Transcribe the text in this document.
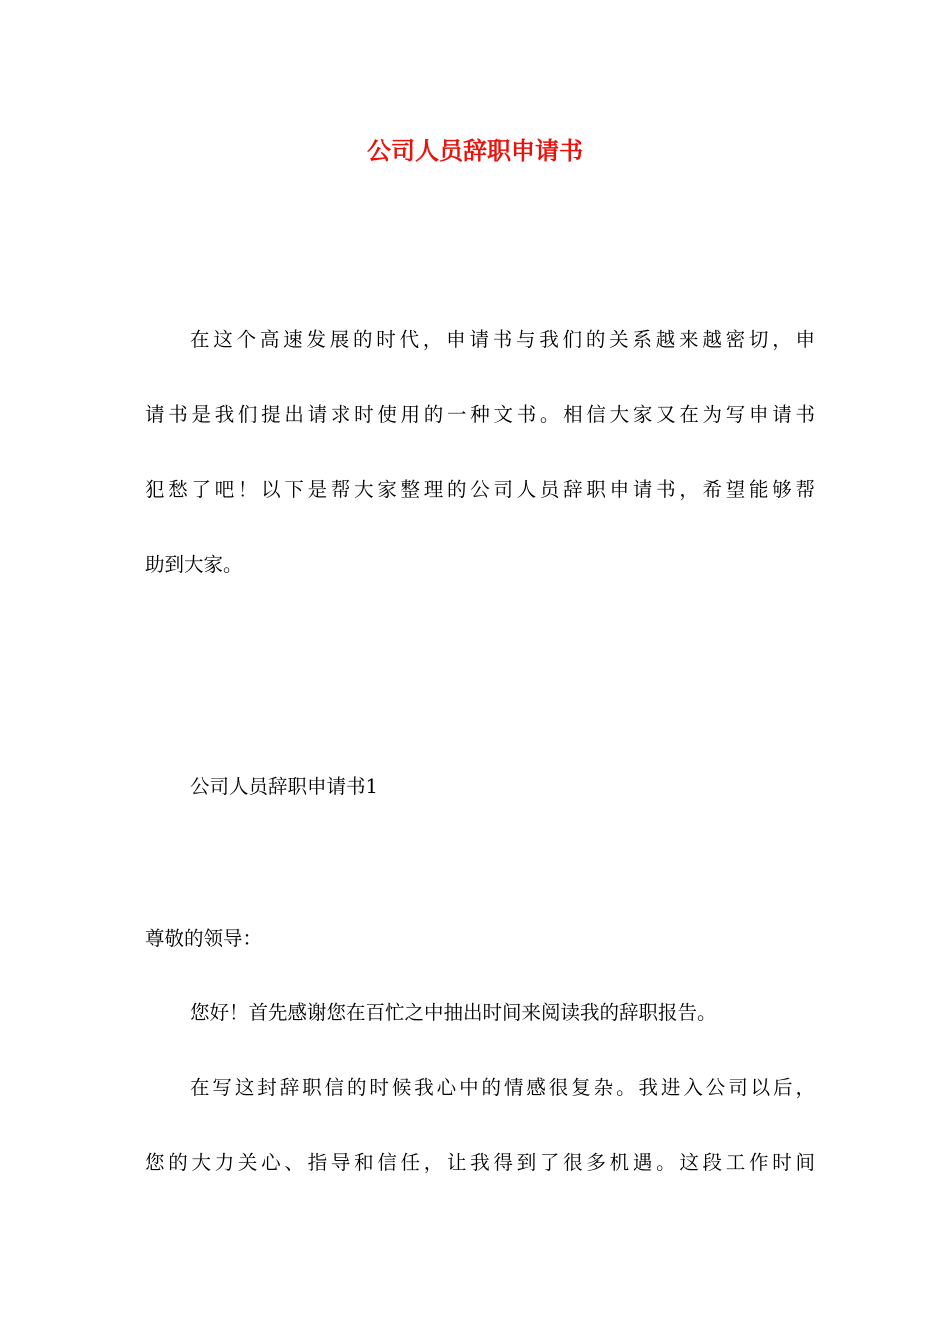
公司人员辞职申请书

在这个高速发展的时代，申请书与我们的关系越来越密切，申

请书是我们提出请求时使用的一种文书。相信大家又在为写申请书

犯愁了吧！以下是帮大家整理的公司人员辞职申请书，希望能够帮

助到大家。

公司人员辞职申请书1

尊敬的领导：

您好！首先感谢您在百忙之中抽出时间来阅读我的辞职报告。

在写这封辞职信的时候我心中的情感很复杂。我进入公司以后，

您的大力关心、指导和信任，让我得到了很多机遇。这段工作时间
